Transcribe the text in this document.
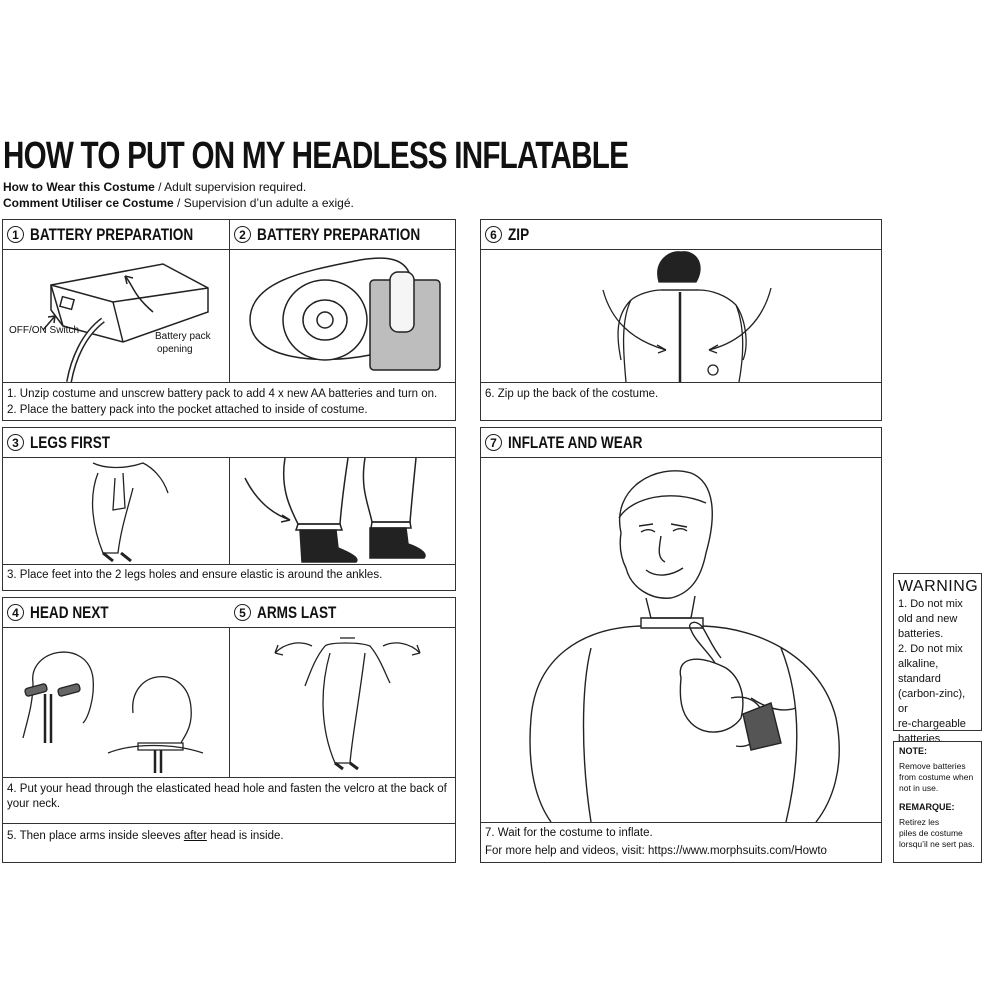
HOW TO PUT ON MY HEADLESS INFLATABLE
How to Wear this Costume / Adult supervision required.
Comment Utiliser ce Costume / Supervision d’un adulte a exigé.
1 BATTERY PREPARATION	2 BATTERY PREPARATION
OFF/ON Switch
Battery pack
opening
1. Unzip costume and unscrew battery pack to add 4 x new AA batteries and turn on.
2. Place the battery pack into the pocket attached to inside of costume.
3 LEGS FIRST
3. Place feet into the 2 legs holes and ensure elastic is around the ankles.
4 HEAD NEXT	5 ARMS LAST
4. Put your head through the elasticated head hole and fasten the velcro at the back of your neck.
5. Then place arms inside sleeves after head is inside.
6 ZIP
6. Zip up the back of the costume.
7 INFLATE AND WEAR
7. Wait for the costume to inflate.
For more help and videos, visit: https://www.morphsuits.com/Howto
WARNING
1. Do not mix
old and new
batteries.
2. Do not mix
alkaline,
standard
(carbon-zinc), or
re-chargeable
batteries.
NOTE:
Remove batteries
from costume when
not in use.
REMARQUE:
Retirez les
piles de costume
lorsqu’il ne sert pas.
